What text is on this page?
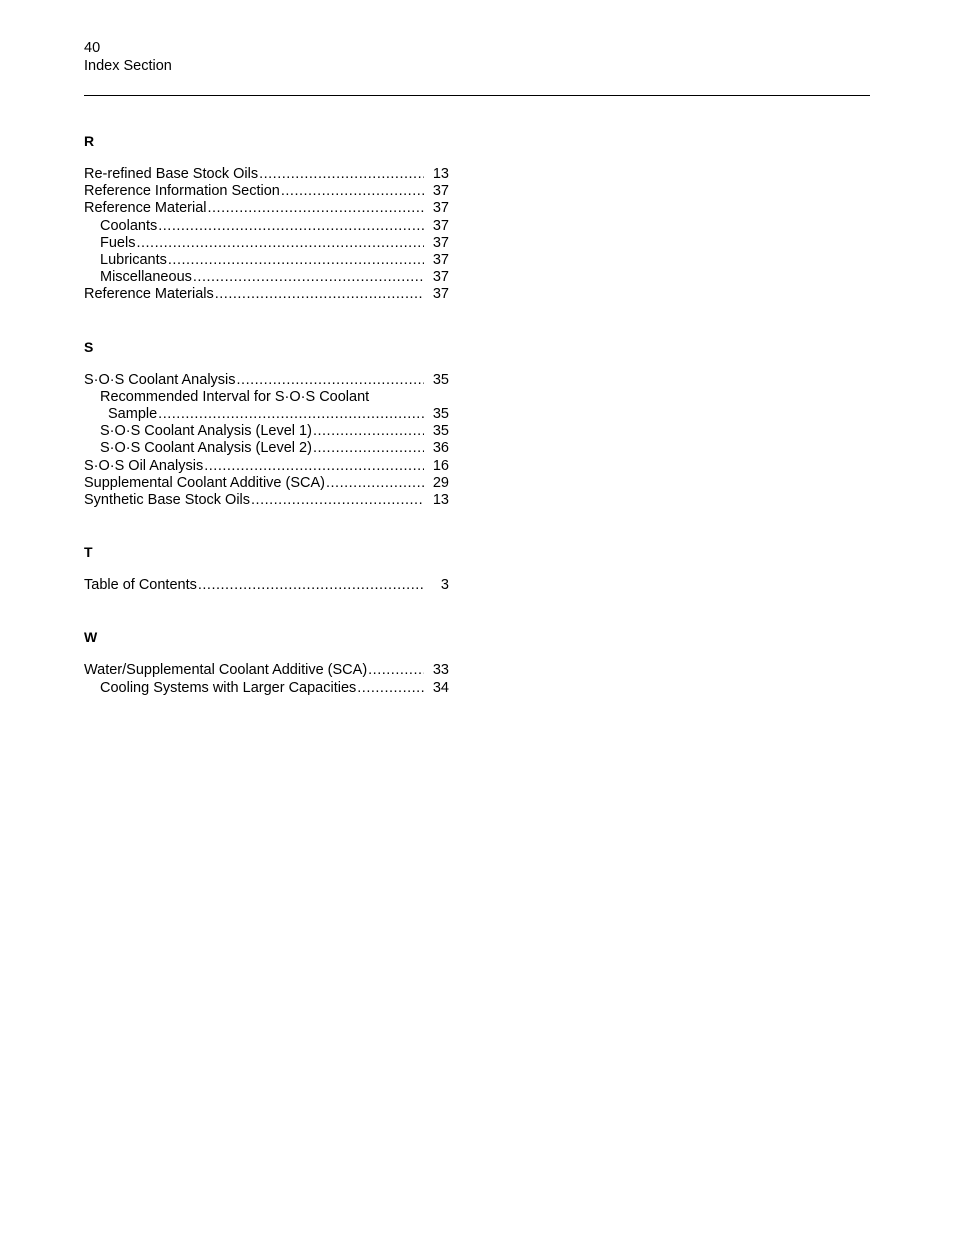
40
Index Section
R
Re-refined Base Stock Oils .....	13
Reference Information Section .....	37
Reference Material .....	37
Coolants .....	37
Fuels .....	37
Lubricants .....	37
Miscellaneous .....	37
Reference Materials .....	37
S
S·O·S Coolant Analysis .....	35
Recommended Interval for S·O·S Coolant
Sample .....	35
S·O·S Coolant Analysis (Level 1) .....	35
S·O·S Coolant Analysis (Level 2) .....	36
S·O·S Oil Analysis .....	16
Supplemental Coolant Additive (SCA) .....	29
Synthetic Base Stock Oils .....	13
T
Table of Contents .....	3
W
Water/Supplemental Coolant Additive (SCA) .....	33
Cooling Systems with Larger Capacities .....	34
